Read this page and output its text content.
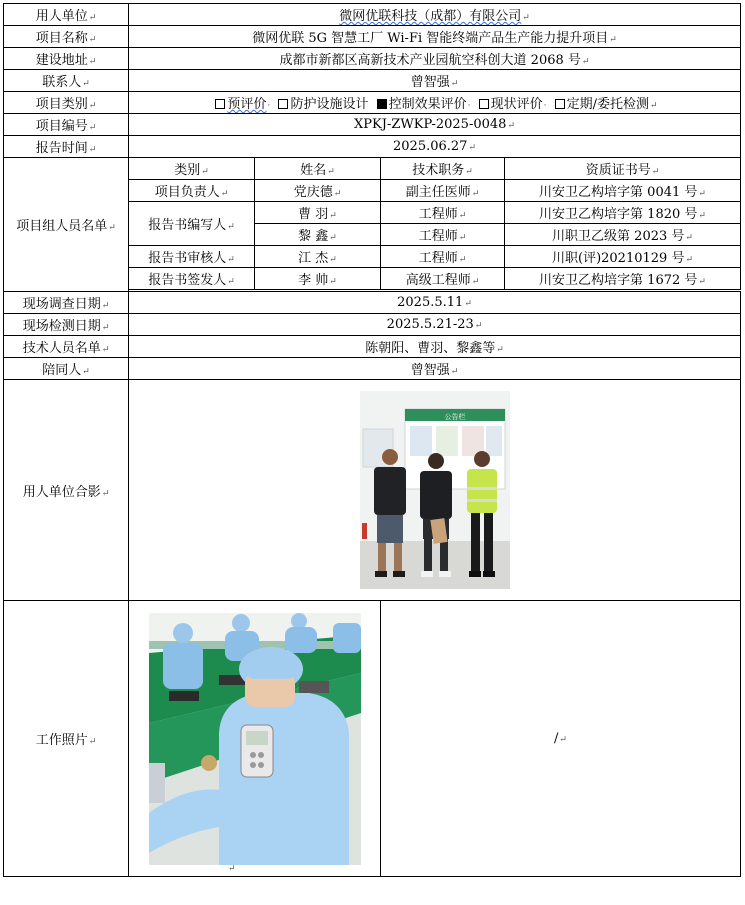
用人单位↵	微网优联科技（成都）有限公司↵			
项目名称↵	微网优联 5G 智慧工厂 Wi-Fi 智能终端产品生产能力提升项目↵			
建设地址↵	成都市新都区高新技术产业园航空科创大道 2068 号↵			
联系人↵	曾智强↵			
项目类别↵	预评价· 防护设施设计 控制效果评价· 现状评价· 定期/委托检测↵			
项目编号↵	XPKJ-ZWKP-2025-0048↵			
报告时间↵	2025.06.27↵			
项目组人员名单↵	类别↵	姓名↵	技术职务↵	资质证书号↵
	项目负责人↵	党庆德↵	副主任医师↵	川安卫乙构培字第 0041 号↵
	报告书编写人↵	曹 羽↵	工程师↵	川安卫乙构培字第 1820 号↵
		黎 鑫↵	工程师↵	川职卫乙级第 2023 号↵
	报告书审核人↵	江 杰↵	工程师↵	川职(评)20210129 号↵
	报告书签发人↵	李 帅↵	高级工程师↵	川安卫乙构培字第 1672 号↵

现场调查日期↵	2025.5.11↵			
现场检测日期↵	2025.5.21-23↵			
技术人员名单↵	陈朝阳、曹羽、黎鑫等↵			
陪同人↵	曾智强↵			
用人单位合影↵	公告栏			

工作照片↵	↵		/↵	
